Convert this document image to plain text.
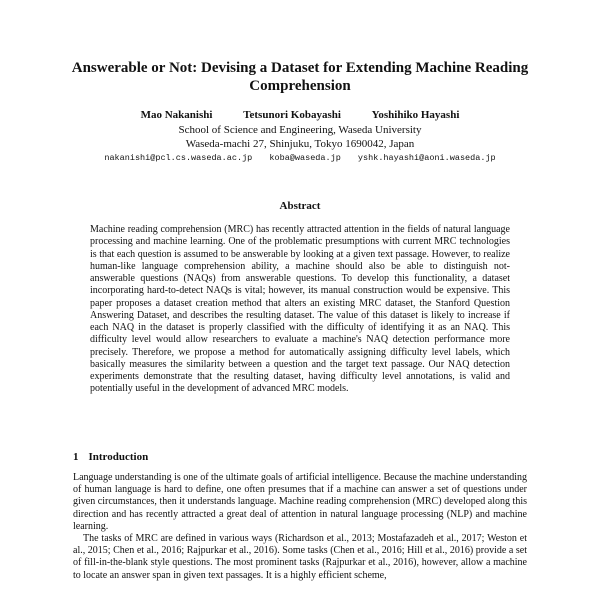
Answerable or Not: Devising a Dataset for Extending Machine Reading Comprehension
Mao Nakanishi	Tetsunori Kobayashi	Yoshihiko Hayashi
School of Science and Engineering, Waseda University
Waseda-machi 27, Shinjuku, Tokyo 1690042, Japan
nakanishi@pcl.cs.waseda.ac.jp koba@waseda.jp yshk.hayashi@aoni.waseda.jp
Abstract

Machine reading comprehension (MRC) has recently attracted attention in the fields of natural language processing and machine learning. One of the problematic presumptions with current MRC technologies is that each question is assumed to be answerable by looking at a given text passage. However, to realize human-like language comprehension ability, a machine should also be able to distinguish not-answerable questions (NAQs) from answerable questions. To develop this functionality, a dataset incorporating hard-to-detect NAQs is vital; however, its manual construction would be expensive. This paper proposes a dataset creation method that alters an existing MRC dataset, the Stanford Question Answering Dataset, and describes the resulting dataset. The value of this dataset is likely to increase if each NAQ in the dataset is properly classified with the difficulty of identifying it as an NAQ. This difficulty level would allow researchers to evaluate a machine's NAQ detection performance more precisely. Therefore, we propose a method for automatically assigning difficulty level labels, which basically measures the similarity between a question and the target text passage. Our NAQ detection experiments demonstrate that the resulting dataset, having difficulty level annotations, is valid and potentially useful in the development of advanced MRC models.

1 Introduction

Language understanding is one of the ultimate goals of artificial intelligence. Because the machine understanding of human language is hard to define, one often presumes that if a machine can answer a set of questions under given circumstances, then it understands language. Machine reading comprehension (MRC) developed along this direction and has recently attracted a great deal of attention in natural language processing (NLP) and machine learning.

The tasks of MRC are defined in various ways (Richardson et al., 2013; Mostafazadeh et al., 2017; Weston et al., 2015; Chen et al., 2016; Rajpurkar et al., 2016). Some tasks (Chen et al., 2016; Hill et al., 2016) provide a set of fill-in-the-blank style questions. The most prominent tasks (Rajpurkar et al., 2016), however, allow a machine to locate an answer span in given text passages. It is a highly efficient scheme,
